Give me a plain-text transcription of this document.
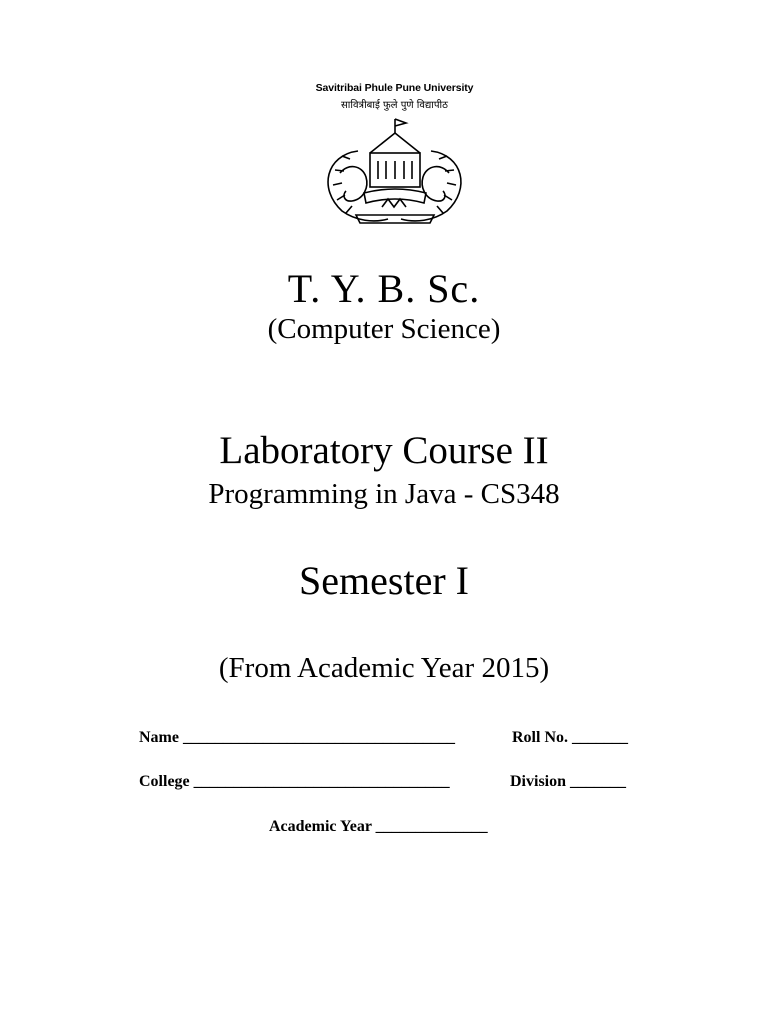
Savitribai Phule Pune University
सावित्रीबाई फुले पुणे विद्यापीठ
T. Y. B. Sc.
(Computer Science)
Laboratory Course II
Programming in Java - CS348
Semester I
(From Academic Year 2015)
Name __________________________________	Roll No. _______
College ________________________________	Division _______
Academic Year ______________
